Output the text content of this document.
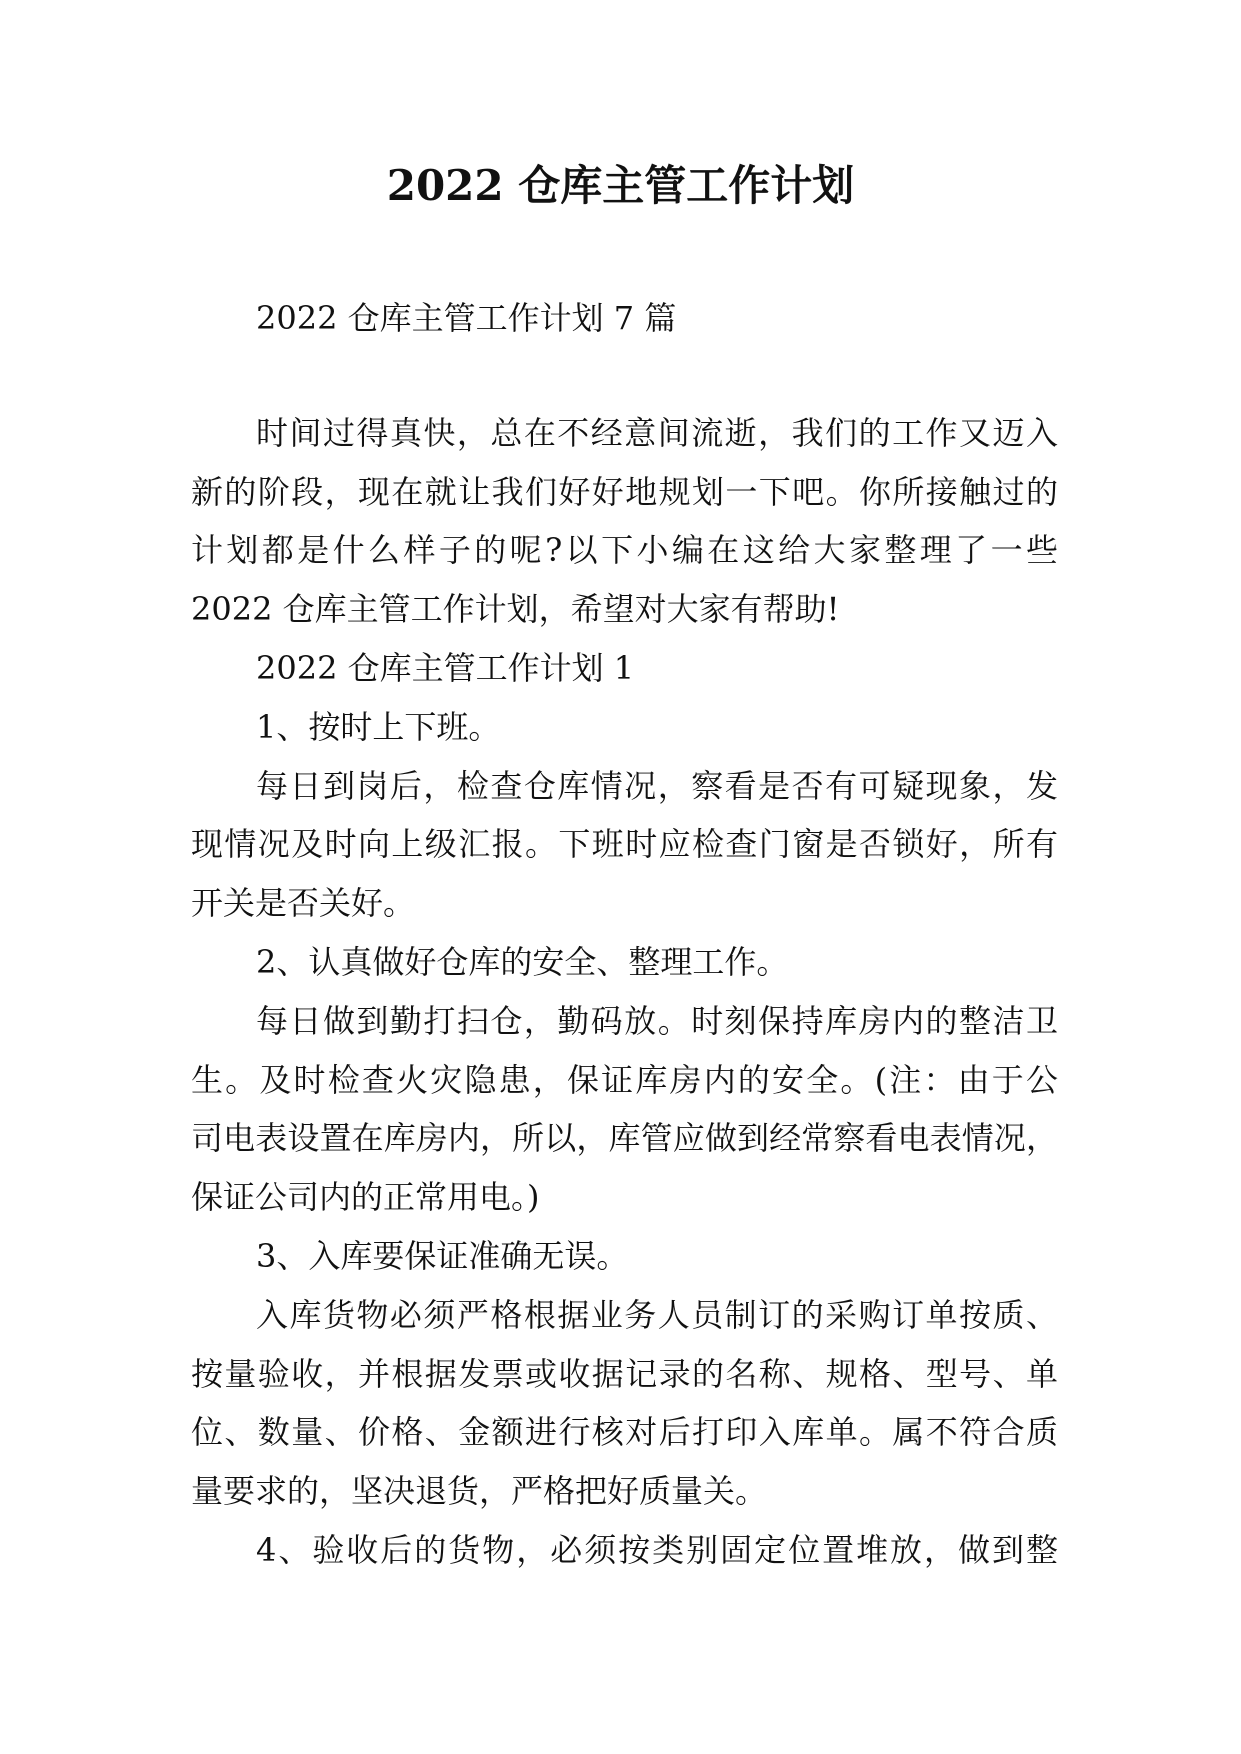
2022 仓库主管工作计划
2022 仓库主管工作计划 7 篇
时间过得真快，总在不经意间流逝，我们的工作又迈入
新的阶段，现在就让我们好好地规划一下吧。你所接触过的
计划都是什么样子的呢?以下小编在这给大家整理了一些
2022 仓库主管工作计划，希望对大家有帮助!
2022 仓库主管工作计划 1
1、按时上下班。
每日到岗后，检查仓库情况，察看是否有可疑现象，发
现情况及时向上级汇报。下班时应检查门窗是否锁好，所有
开关是否关好。
2、认真做好仓库的安全、整理工作。
每日做到勤打扫仓，勤码放。时刻保持库房内的整洁卫
生。及时检查火灾隐患，保证库房内的安全。(注：由于公
司电表设置在库房内，所以，库管应做到经常察看电表情况，
保证公司内的正常用电。)
3、入库要保证准确无误。
入库货物必须严格根据业务人员制订的采购订单按质、
按量验收，并根据发票或收据记录的名称、规格、型号、单
位、数量、价格、金额进行核对后打印入库单。属不符合质
量要求的，坚决退货，严格把好质量关。
4、验收后的货物，必须按类别固定位置堆放，做到整
